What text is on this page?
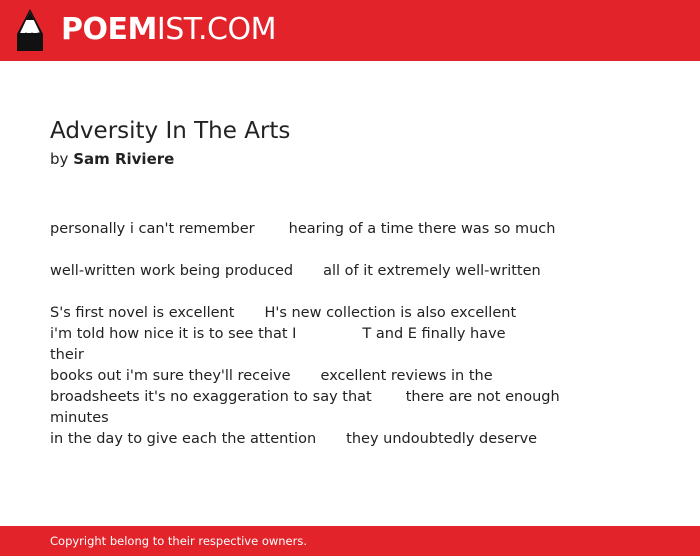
POEMIST.COM
Adversity In The Arts
by Sam Riviere
personally i can't remember hearing of a time there was so much
well-written work being produced all of it extremely well-written
S's first novel is excellent H's new collection is also excellent
i'm told how nice it is to see that I	T and E finally have
their
books out i'm sure they'll receive excellent reviews in the
broadsheets it's no exaggeration to say that there are not enough
minutes
in the day to give each the attention they undoubtedly deserve
Copyright belong to their respective owners.
